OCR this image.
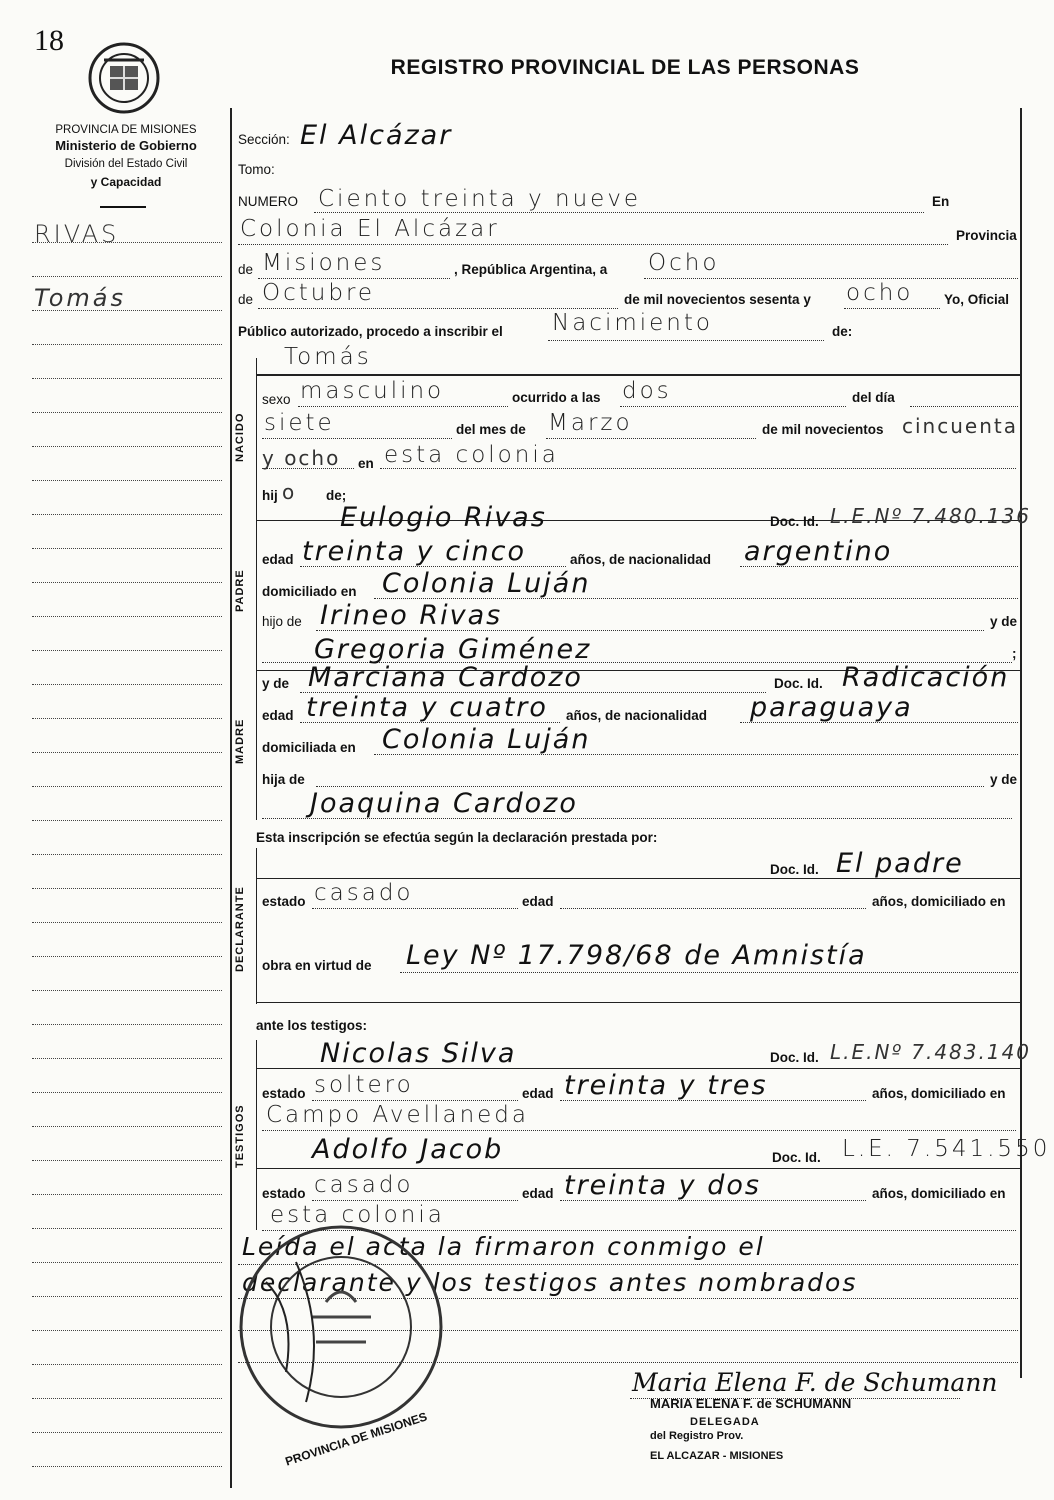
18
REGISTRO PROVINCIAL DE LAS PERSONAS
PROVINCIA DE MISIONES
Ministerio de Gobierno
División del Estado Civil
y Capacidad
RIVAS
Tomás
NACIDO
PADRE
MADRE
DECLARANTE
TESTIGOS
Sección: El Alcázar
Tomo:
NUMERO Ciento treinta y nueve	En
Colonia El Alcázar	Provincia
de Misiones	, República Argentina, a Ocho
de Octubre	de mil novecientos sesenta y ocho Yo, Oficial
Público autorizado, procedo a inscribir el Nacimiento	de:
Tomás
sexo masculino	ocurrido a las dos	del día
siete	del mes de Marzo	de mil novecientos cincuenta
y ocho en esta colonia
hij o de;
Eulogio Rivas	Doc. Id. L.E.Nº 7.480.136
edad treinta y cinco	años, de nacionalidad argentino
domiciliado en Colonia Luján
hijo de Irineo Rivas	y de
Gregoria Giménez	;
y de Marciana Cardozo	Doc. Id. Radicación
edad treinta y cuatro años, de nacionalidad paraguaya
domiciliada en Colonia Luján
hija de	y de
Joaquina Cardozo
Esta inscripción se efectúa según la declaración prestada por:
Doc. Id. El padre
estado casado	edad	años, domiciliado en
obra en virtud de Ley Nº 17.798/68 de Amnistía
ante los testigos:
Nicolas Silva	Doc. Id. L.E.Nº 7.483.140
estado soltero	edad treinta y tres	años, domiciliado en
Campo Avellaneda
Adolfo Jacob	Doc. Id. L.E. 7.541.550
estado casado	edad treinta y dos	años, domiciliado en
esta colonia
Leída el acta la firmaron conmigo el
declarante y los testigos antes nombrados
PROVINCIA DE MISIONES
Maria Elena F. de Schumann
MARIA ELENA F. de SCHUMANN
DELEGADA
del Registro Prov.
EL ALCAZAR - MISIONES
